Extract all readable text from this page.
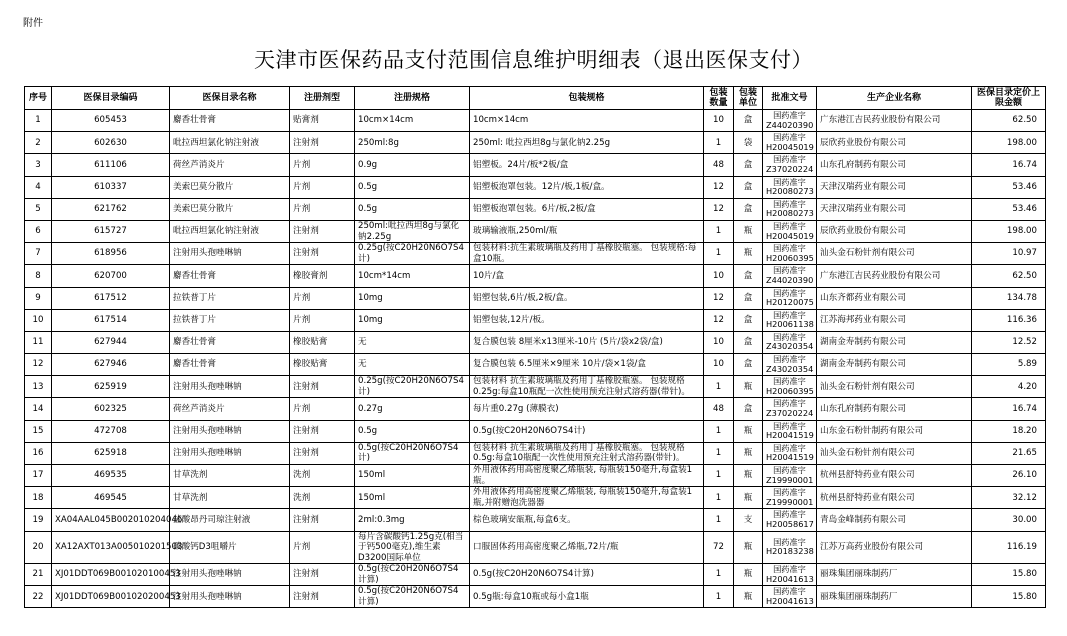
附件
天津市医保药品支付范围信息维护明细表（退出医保支付）
序号	医保目录编码	医保目录名称	注册剂型	注册规格	包装规格	包装数量	包装单位	批准文号	生产企业名称	医保目录定价上限金额
1	605453	麝香壮骨膏	贴膏剂	10cm×14cm	10cm×14cm	10	盒	国药准字Z44020390	广东港江吉民药业股份有限公司	62.50
2	602630	吡拉西坦氯化钠注射液	注射剂	250ml:8g	250ml: 吡拉西坦8g与氯化钠2.25g	1	袋	国药准字H20045019	辰欣药业股份有限公司	198.00
3	611106	荷丝芦消炎片	片剂	0.9g	铝塑板。24片/板*2板/盒	48	盒	国药准字Z37020224	山东孔府制药有限公司	16.74
4	610337	美索巴莫分散片	片剂	0.5g	铝塑板泡罩包装。12片/板,1板/盒。	12	盒	国药准字H20080273	天津汉瑞药业有限公司	53.46
5	621762	美索巴莫分散片	片剂	0.5g	铝塑板泡罩包装。6片/板,2板/盒	12	盒	国药准字H20080273	天津汉瑞药业有限公司	53.46
6	615727	吡拉西坦氯化钠注射液	注射剂	250ml:吡拉西坦8g与氯化钠2.25g	玻璃输液瓶,250ml/瓶	1	瓶	国药准字H20045019	辰欣药业股份有限公司	198.00
7	618956	注射用头孢唑啉钠	注射剂	0.25g(按C20H20N6O7S4计)	包装材料:抗生素玻璃瓶及药用丁基橡胶瓶塞。 包装规格:每盒10瓶。	1	瓶	国药准字H20060395	汕头金石粉针剂有限公司	10.97
8	620700	麝香壮骨膏	橡胶膏剂	10cm*14cm	10片/盒	10	盒	国药准字Z44020390	广东港江吉民药业股份有限公司	62.50
9	617512	拉铁普丁片	片剂	10mg	铝塑包装,6片/板,2板/盒。	12	盒	国药准字H20120075	山东齐都药业有限公司	134.78
10	617514	拉铁普丁片	片剂	10mg	铝塑包装,12片/板。	12	盒	国药准字H20061138	江苏海邦药业有限公司	116.36
11	627944	麝香壮骨膏	橡胶贴膏	无	复合膜包装 8厘米x13厘米-10片 (5片/袋x2袋/盒)	10	盒	国药准字Z43020354	湖南金寿制药有限公司	12.52
12	627946	麝香壮骨膏	橡胶贴膏	无	复合膜包装 6.5厘米×9厘米 10片/袋×1袋/盒	10	盒	国药准字Z43020354	湖南金寿制药有限公司	5.89
13	625919	注射用头孢唑啉钠	注射剂	0.25g(按C20H20N6O7S4计)	包装材料 抗生素玻璃瓶及药用丁基橡胶瓶塞。 包装规格0.25g:每盒10瓶配一次性使用预充注射式溶药器(带针)。	1	瓶	国药准字H20060395	汕头金石粉针剂有限公司	4.20
14	602325	荷丝芦消炎片	片剂	0.27g	每片重0.27g (薄膜衣)	48	盒	国药准字Z37020224	山东孔府制药有限公司	16.74
15	472708	注射用头孢唑啉钠	注射剂	0.5g	0.5g(按C20H20N6O7S4计)	1	瓶	国药准字H20041519	山东金石粉针制药有限公司	18.20
16	625918	注射用头孢唑啉钠	注射剂	0.5g(按C20H20N6O7S4计)	包装材料 抗生素玻璃瓶及药用丁基橡胶瓶塞。 包装规格0.5g:每盒10瓶配一次性使用预充注射式溶药器(带针)。	1	瓶	国药准字H20041519	汕头金石粉针剂有限公司	21.65
17	469535	甘草洗剂	洗剂	150ml	外用液体药用高密度聚乙烯瓶装, 每瓶装150毫升,每盒装1瓶。	1	瓶	国药准字Z19990001	杭州县舒特药业有限公司	26.10
18	469545	甘草洗剂	洗剂	150ml	外用液体药用高密度聚乙烯瓶装, 每瓶装150毫升,每盒装1瓶,并附赠泡洗器器	1	瓶	国药准字Z19990001	杭州县舒特药业有限公司	32.12
19	XA04AAL045B002010204046	盐酸昂丹司琼注射液	注射剂	2ml:0.3mg	棕色玻璃安瓿瓶,每盒6支。	1	支	国药准字H20058617	青岛金峰制药有限公司	30.00
20	XA12AXT013A005010201503	碳酸钙D3咀嚼片	片剂	每片含碳酸钙1.25g克(相当于钙500毫克),维生素D3200国际单位	口服固体药用高密度聚乙烯瓶,72片/瓶	72	瓶	国药准字H20183238	江苏万高药业股份有限公司	116.19
21	XJ01DDT069B001020100453	注射用头孢唑啉钠	注射剂	0.5g(按C20H20N6O7S4计算)	0.5g(按C20H20N6O7S4计算)	1	瓶	国药准字H20041613	丽珠集团丽珠制药厂	15.80
22	XJ01DDT069B001020200453	注射用头孢唑啉钠	注射剂	0.5g(按C20H20N6O7S4计算)	0.5g瓶:每盒10瓶或每小盒1瓶	1	瓶	国药准字H20041613	丽珠集团丽珠制药厂	15.80
